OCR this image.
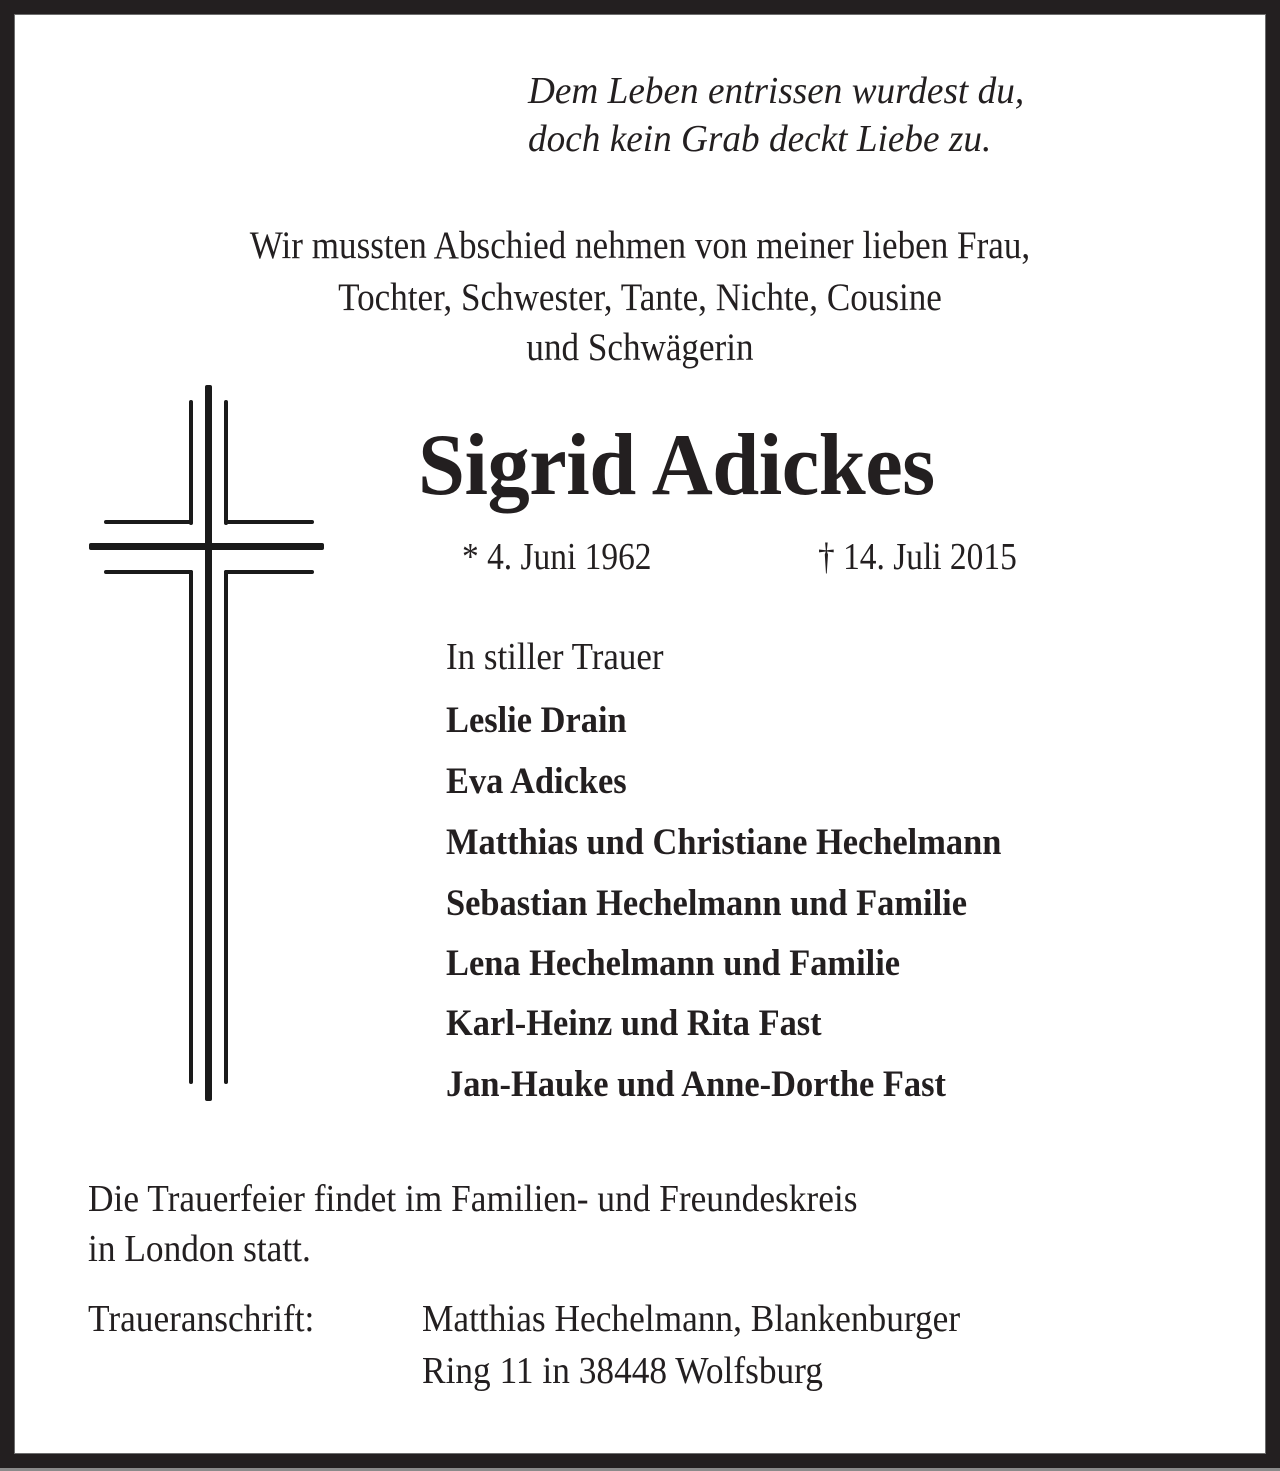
Dem Leben entrissen wurdest du,
doch kein Grab deckt Liebe zu.
Wir mussten Abschied nehmen von meiner lieben Frau,
Tochter, Schwester, Tante, Nichte, Cousine
und Schwägerin
Sigrid Adickes
* 4. Juni 1962	† 14. Juli 2015
In stiller Trauer
Leslie Drain
Eva Adickes
Matthias und Christiane Hechelmann
Sebastian Hechelmann und Familie
Lena Hechelmann und Familie
Karl-Heinz und Rita Fast
Jan-Hauke und Anne-Dorthe Fast
Die Trauerfeier findet im Familien- und Freundeskreis
in London statt.
Traueranschrift:	Matthias Hechelmann, Blankenburger
Ring 11 in 38448 Wolfsburg
